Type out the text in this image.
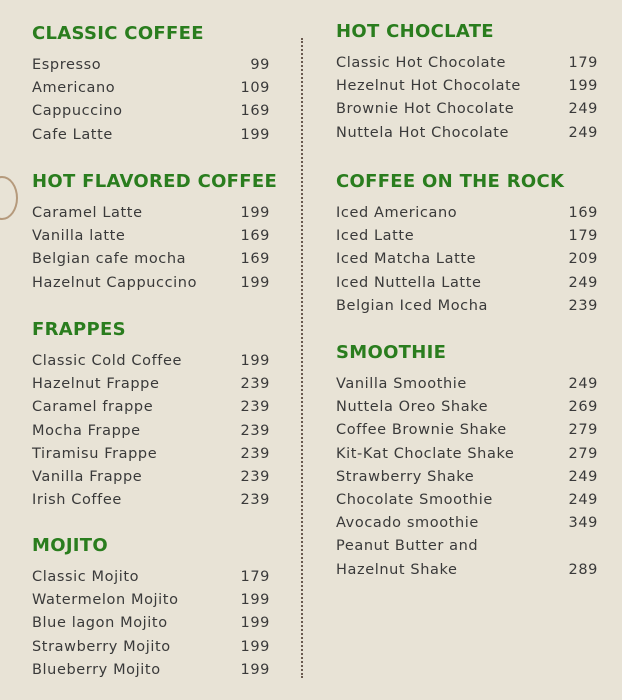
CLASSIC COFFEE
Espresso	99
Americano	109
Cappuccino	169
Cafe Latte	199
HOT FLAVORED COFFEE
Caramel Latte	199
Vanilla latte	169
Belgian cafe mocha	169
Hazelnut Cappuccino	199
FRAPPES
Classic Cold Coffee	199
Hazelnut Frappe	239
Caramel frappe	239
Mocha Frappe	239
Tiramisu Frappe	239
Vanilla Frappe	239
Irish Coffee	239
MOJITO
Classic Mojito	179
Watermelon Mojito	199
Blue lagon Mojito	199
Strawberry Mojito	199
Blueberry Mojito	199
HOT CHOCLATE
Classic Hot Chocolate	179
Hezelnut Hot Chocolate	199
Brownie Hot Chocolate	249
Nuttela Hot Chocolate	249
COFFEE ON THE ROCK
Iced Americano	169
Iced Latte	179
Iced Matcha Latte	209
Iced Nuttella Latte	249
Belgian Iced Mocha	239
SMOOTHIE
Vanilla Smoothie	249
Nuttela Oreo Shake	269
Coffee Brownie Shake	279
Kit-Kat Choclate Shake	279
Strawberry Shake	249
Chocolate Smoothie	249
Avocado smoothie	349
Peanut Butter and
Hazelnut Shake	289
